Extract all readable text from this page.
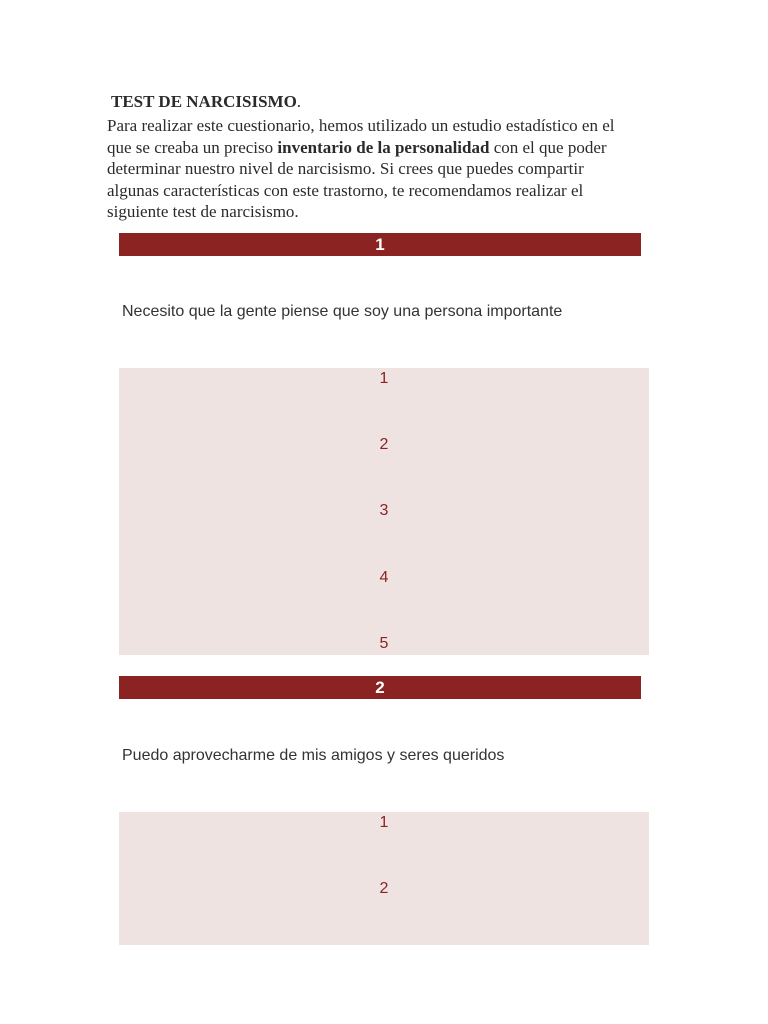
TEST DE NARCISISMO.
Para realizar este cuestionario, hemos utilizado un estudio estadístico en el
que se creaba un preciso inventario de la personalidad con el que poder
determinar nuestro nivel de narcisismo. Si crees que puedes compartir
algunas características con este trastorno, te recomendamos realizar el
siguiente test de narcisismo.
1
Necesito que la gente piense que soy una persona importante
1
2
3
4
5
2
Puedo aprovecharme de mis amigos y seres queridos
1
2
